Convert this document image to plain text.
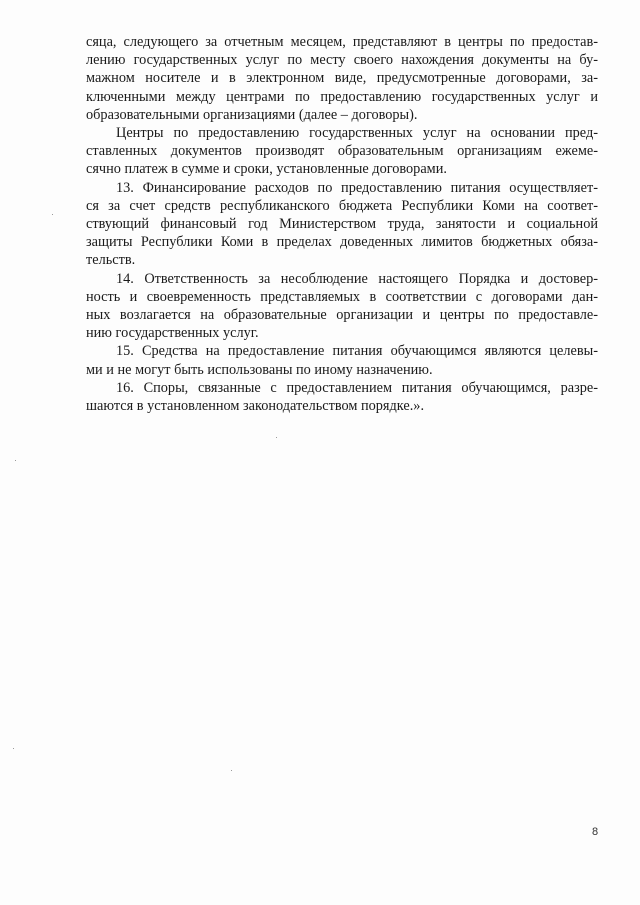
сяца, следующего за отчетным месяцем, представляют в центры по предостав-
лению государственных услуг по месту своего нахождения документы на бу-
мажном носителе и в электронном виде, предусмотренные договорами, за-
ключенными между центрами по предоставлению государственных услуг и
образовательными организациями (далее – договоры).
Центры по предоставлению государственных услуг на основании пред-
ставленных документов производят образовательным организациям ежеме-
сячно платеж в сумме и сроки, установленные договорами.
13. Финансирование расходов по предоставлению питания осуществляет-
ся за счет средств республиканского бюджета Республики Коми на соответ-
ствующий финансовый год Министерством труда, занятости и социальной
защиты Республики Коми в пределах доведенных лимитов бюджетных обяза-
тельств.
14. Ответственность за несоблюдение настоящего Порядка и достовер-
ность и своевременность представляемых в соответствии с договорами дан-
ных возлагается на образовательные организации и центры по предоставле-
нию государственных услуг.
15. Средства на предоставление питания обучающимся являются целевы-
ми и не могут быть использованы по иному назначению.
16. Споры, связанные с предоставлением питания обучающимся, разре-
шаются в установленном законодательством порядке.».
8
